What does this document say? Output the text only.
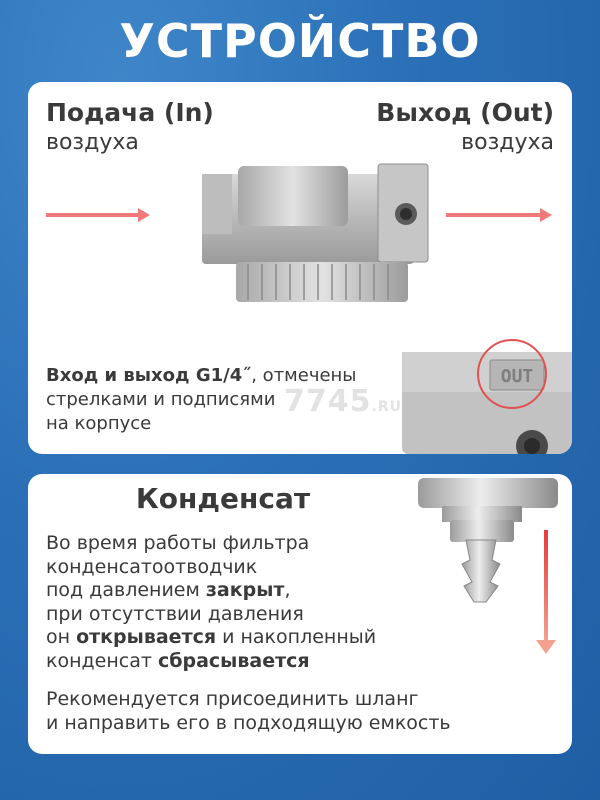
УСТРОЙСТВО
Подача (In)
воздуха
Выход (Out)
воздуха
Вход и выход G1/4˝, отмечены
стрелками и подписями
на корпусе
7745.RU
OUT
Конденсат
Во время работы фильтра
конденсатоотводчик
под давлением закрыт,
при отсутствии давления
он открывается и накопленный
конденсат сбрасывается
Рекомендуется присоединить шланг
и направить его в подходящую емкость
